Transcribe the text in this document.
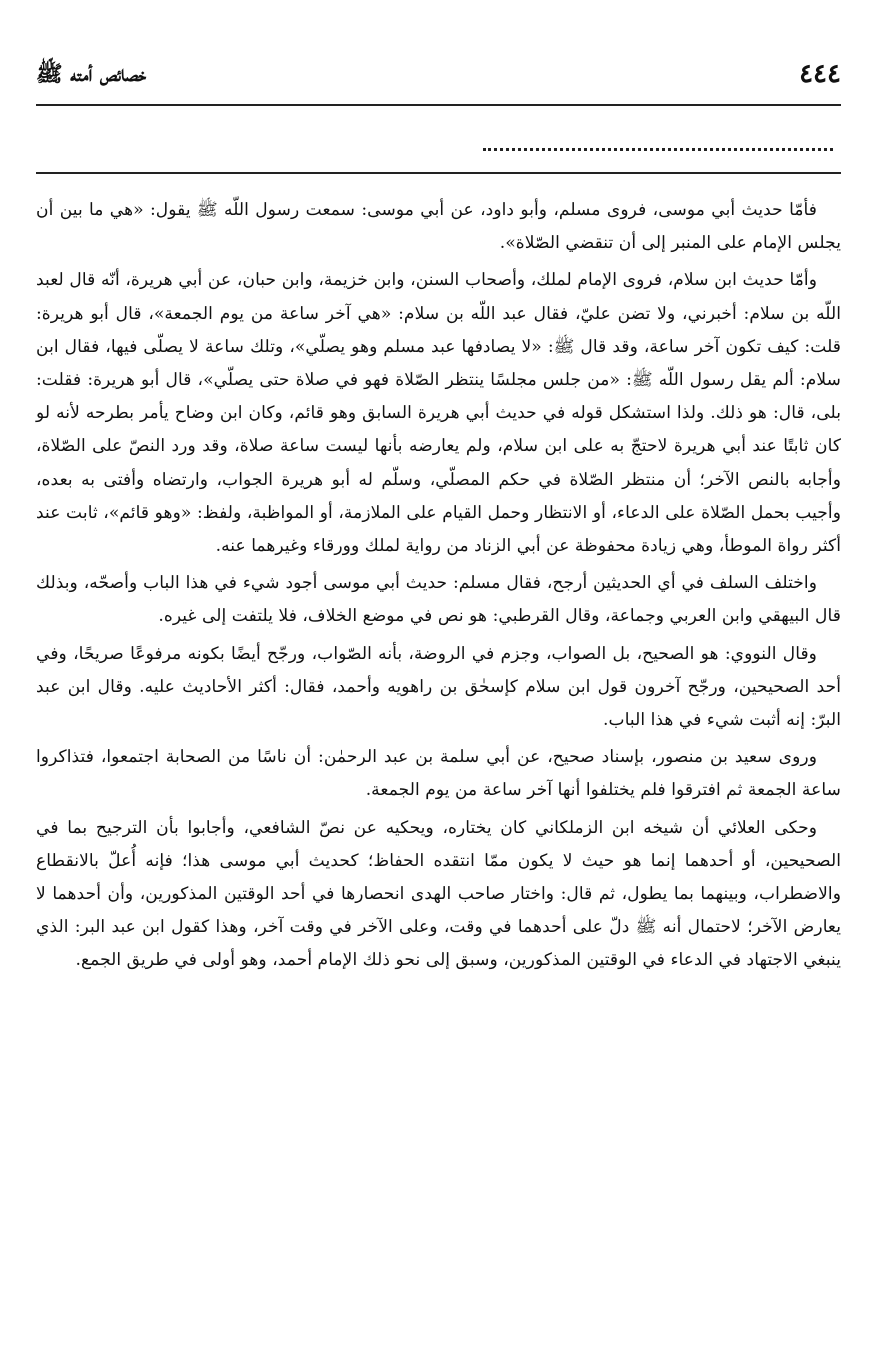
٤٤٤
خصائص أمته ﷺ

فأمّا حديث أبي موسى، فروى مسلم، وأبو داود، عن أبي موسى: سمعت رسول اللّه ﷺ يقول: «هي ما بين أن يجلس الإمام على المنبر إلى أن تنقضي الصّلاة».

وأمّا حديث ابن سلام، فروى الإمام لملك، وأصحاب السنن، وابن خزيمة، وابن حبان، عن أبي هريرة، أنّه قال لعبد اللّه بن سلام: أخبرني، ولا تضن عليّ، فقال عبد اللّه بن سلام: «هي آخر ساعة من يوم الجمعة»، قال أبو هريرة: قلت: كيف تكون آخر ساعة، وقد قال ﷺ: «لا يصادفها عبد مسلم وهو يصلّي»، وتلك ساعة لا يصلّى فيها، فقال ابن سلام: ألم يقل رسول اللّه ﷺ: «من جلس مجلسًا ينتظر الصّلاة فهو في صلاة حتى يصلّي»، قال أبو هريرة: فقلت: بلى، قال: هو ذلك. ولذا استشكل قوله في حديث أبي هريرة السابق وهو قائم، وكان ابن وضاح يأمر بطرحه لأنه لو كان ثابتًا عند أبي هريرة لاحتجّ به على ابن سلام، ولم يعارضه بأنها ليست ساعة صلاة، وقد ورد النصّ على الصّلاة، وأجابه بالنص الآخر؛ أن منتظر الصّلاة في حكم المصلّي، وسلّم له أبو هريرة الجواب، وارتضاه وأفتى به بعده، وأجيب بحمل الصّلاة على الدعاء، أو الانتظار وحمل القيام على الملازمة، أو المواظبة، ولفظ: «وهو قائم»، ثابت عند أكثر رواة الموطأ، وهي زيادة محفوظة عن أبي الزناد من رواية لملك وورقاء وغيرهما عنه.

واختلف السلف في أي الحديثين أرجح، فقال مسلم: حديث أبي موسى أجود شيء في هذا الباب وأصحّه، وبذلك قال البيهقي وابن العربي وجماعة، وقال القرطبي: هو نص في موضع الخلاف، فلا يلتفت إلى غيره.

وقال النووي: هو الصحيح، بل الصواب، وجزم في الروضة، بأنه الصّواب، ورجّح أيضًا بكونه مرفوعًا صريحًا، وفي أحد الصحيحين، ورجّح آخرون قول ابن سلام كإسحٰق بن راهويه وأحمد، فقال: أكثر الأحاديث عليه. وقال ابن عبد البرّ: إنه أثبت شيء في هذا الباب.

وروى سعيد بن منصور، بإسناد صحيح، عن أبي سلمة بن عبد الرحمٰن: أن ناسًا من الصحابة اجتمعوا، فتذاكروا ساعة الجمعة ثم افترقوا فلم يختلفوا أنها آخر ساعة من يوم الجمعة.

وحكى العلائي أن شيخه ابن الزملكاني كان يختاره، ويحكيه عن نصّ الشافعي، وأجابوا بأن الترجيح بما في الصحيحين، أو أحدهما إنما هو حيث لا يكون ممّا انتقده الحفاظ؛ كحديث أبي موسى هذا؛ فإنه أُعلّ بالانقطاع والاضطراب، وبينهما بما يطول، ثم قال: واختار صاحب الهدى انحصارها في أحد الوقتين المذكورين، وأن أحدهما لا يعارض الآخر؛ لاحتمال أنه ﷺ دلّ على أحدهما في وقت، وعلى الآخر في وقت آخر، وهذا كقول ابن عبد البر: الذي ينبغي الاجتهاد في الدعاء في الوقتين المذكورين، وسبق إلى نحو ذلك الإمام أحمد، وهو أولى في طريق الجمع.
